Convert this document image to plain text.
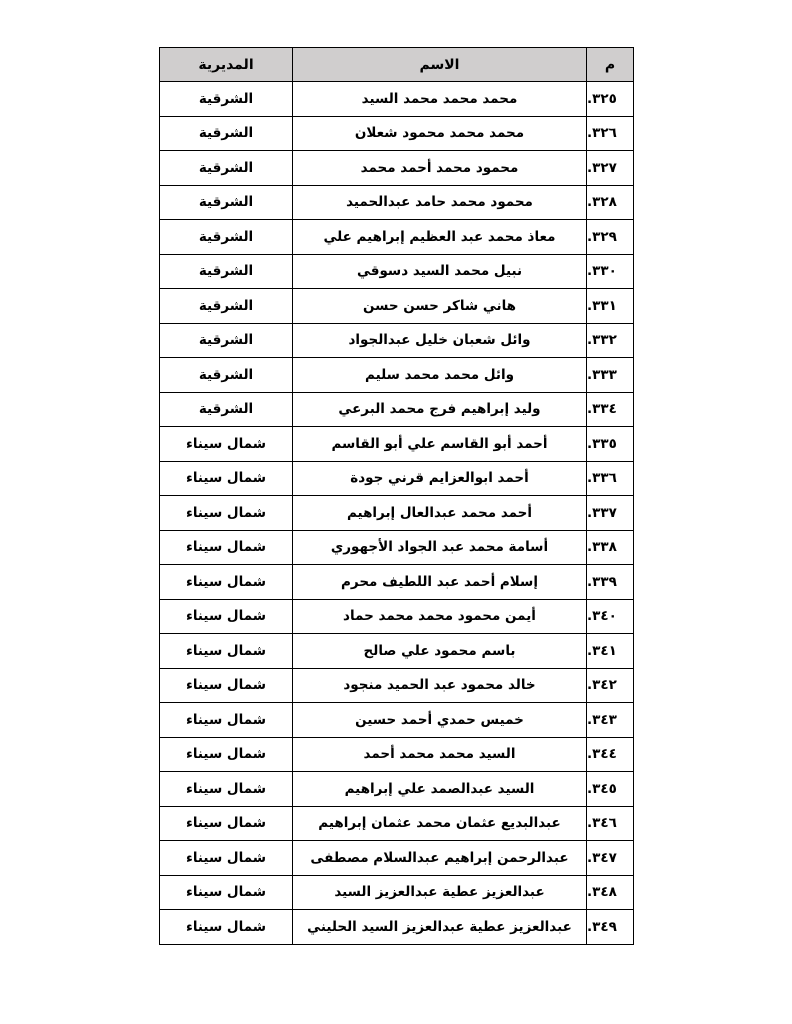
م	الاسم	المديرية
٣٢٥.	محمد محمد محمد السيد	الشرقية
٣٢٦.	محمد محمد محمود شعلان	الشرقية
٣٢٧.	محمود محمد أحمد محمد	الشرقية
٣٢٨.	محمود محمد حامد عبدالحميد	الشرقية
٣٢٩.	معاذ محمد عبد العظيم إبراهيم علي	الشرقية
٣٣٠.	نبيل محمد السيد دسوقي	الشرقية
٣٣١.	هاني شاكر حسن حسن	الشرقية
٣٣٢.	وائل شعبان خليل عبدالجواد	الشرقية
٣٣٣.	وائل محمد محمد سليم	الشرقية
٣٣٤.	وليد إبراهيم فرج محمد البرعي	الشرقية
٣٣٥.	أحمد أبو القاسم علي أبو القاسم	شمال سيناء
٣٣٦.	أحمد ابوالعزايم قرني جودة	شمال سيناء
٣٣٧.	أحمد محمد عبدالعال إبراهيم	شمال سيناء
٣٣٨.	أسامة محمد عبد الجواد الأجهوري	شمال سيناء
٣٣٩.	إسلام أحمد عبد اللطيف محرم	شمال سيناء
٣٤٠.	أيمن محمود محمد محمد حماد	شمال سيناء
٣٤١.	باسم محمود علي صالح	شمال سيناء
٣٤٢.	خالد محمود عبد الحميد منجود	شمال سيناء
٣٤٣.	خميس حمدي أحمد حسين	شمال سيناء
٣٤٤.	السيد محمد محمد أحمد	شمال سيناء
٣٤٥.	السيد عبدالصمد علي إبراهيم	شمال سيناء
٣٤٦.	عبدالبديع عثمان محمد عثمان إبراهيم	شمال سيناء
٣٤٧.	عبدالرحمن إبراهيم عبدالسلام مصطفى	شمال سيناء
٣٤٨.	عبدالعزيز عطية عبدالعزيز السيد	شمال سيناء
٣٤٩.	عبدالعزيز عطية عبدالعزيز السيد الحليني	شمال سيناء
